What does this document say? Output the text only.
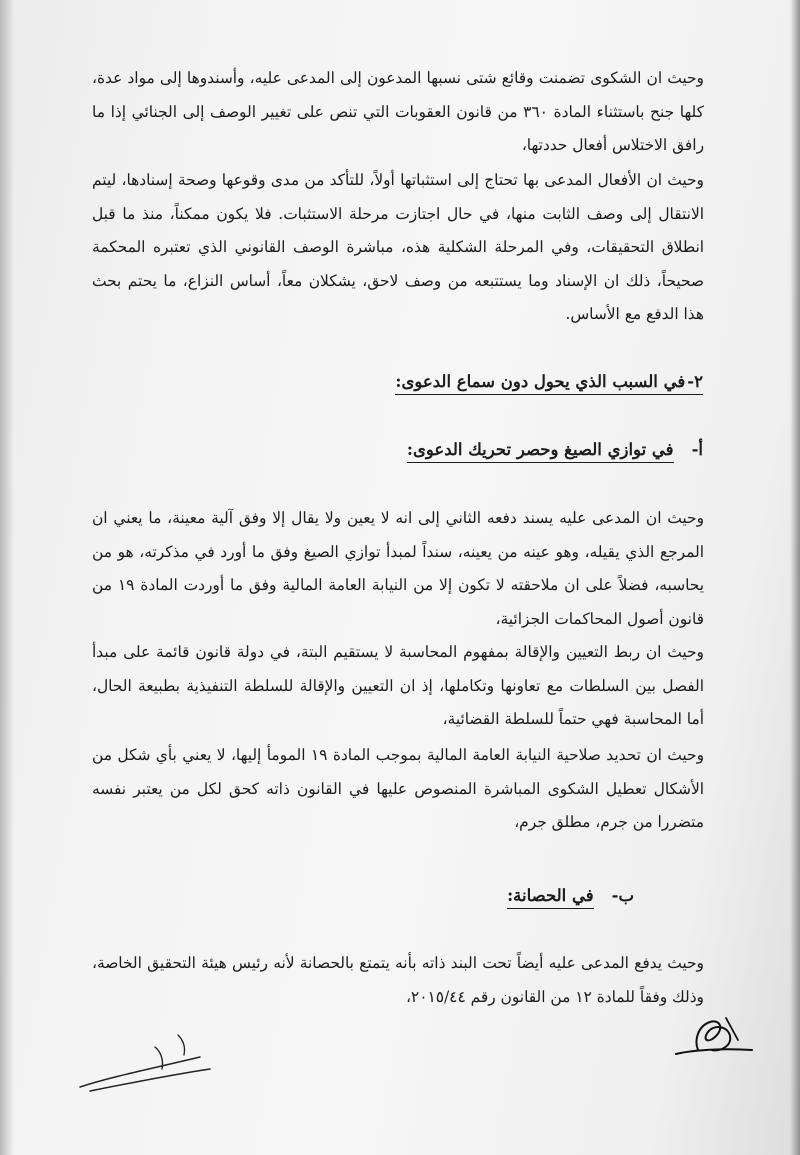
وحيث ان الشكوى تضمنت وقائع شتى نسبها المدعون إلى المدعى عليه، وأسندوها إلى مواد عدة، كلها جنح باستثناء المادة ٣٦٠ من قانون العقوبات التي تنص على تغيير الوصف إلى الجنائي إذا ما رافق الاختلاس أفعال حددتها،

وحيث ان الأفعال المدعى بها تحتاج إلى استثباتها أولاً، للتأكد من مدى وقوعها وصحة إسنادها، ليتم الانتقال إلى وصف الثابت منها، في حال اجتازت مرحلة الاستثبات. فلا يكون ممكناً، منذ ما قبل انطلاق التحقيقات، وفي المرحلة الشكلية هذه، مباشرة الوصف القانوني الذي تعتبره المحكمة صحيحاً، ذلك ان الإسناد وما يستتبعه من وصف لاحق، يشكلان معاً، أساس النزاع، ما يحتم بحث هذا الدفع مع الأساس.

٢-في السبب الذي يحول دون سماع الدعوى:
أ-في توازي الصيغ وحصر تحريك الدعوى:

وحيث ان المدعى عليه يسند دفعه الثاني إلى انه لا يعين ولا يقال إلا وفق آلية معينة، ما يعني ان المرجع الذي يقيله، وهو عينه من يعينه، سنداً لمبدأ توازي الصيغ وفق ما أورد في مذكرته، هو من يحاسبه، فضلاً على ان ملاحقته لا تكون إلا من النيابة العامة المالية وفق ما أوردت المادة ١٩ من قانون أصول المحاكمات الجزائية،

وحيث ان ربط التعيين والإقالة بمفهوم المحاسبة لا يستقيم البتة، في دولة قانون قائمة على مبدأ الفصل بين السلطات مع تعاونها وتكاملها، إذ ان التعيين والإقالة للسلطة التنفيذية بطبيعة الحال، أما المحاسبة فهي حتماً للسلطة القضائية،

وحيث ان تحديد صلاحية النيابة العامة المالية بموجب المادة ١٩ المومأ إليها، لا يعني بأي شكل من الأشكال تعطيل الشكوى المباشرة المنصوص عليها في القانون ذاته كحق لكل من يعتبر نفسه متضررا من جرم، مطلق جرم،

ب-في الحصانة:

وحيث يدفع المدعى عليه أيضاً تحت البند ذاته بأنه يتمتع بالحصانة لأنه رئيس هيئة التحقيق الخاصة، وذلك وفقاً للمادة ١٢ من القانون رقم ٢٠١٥/٤٤،
